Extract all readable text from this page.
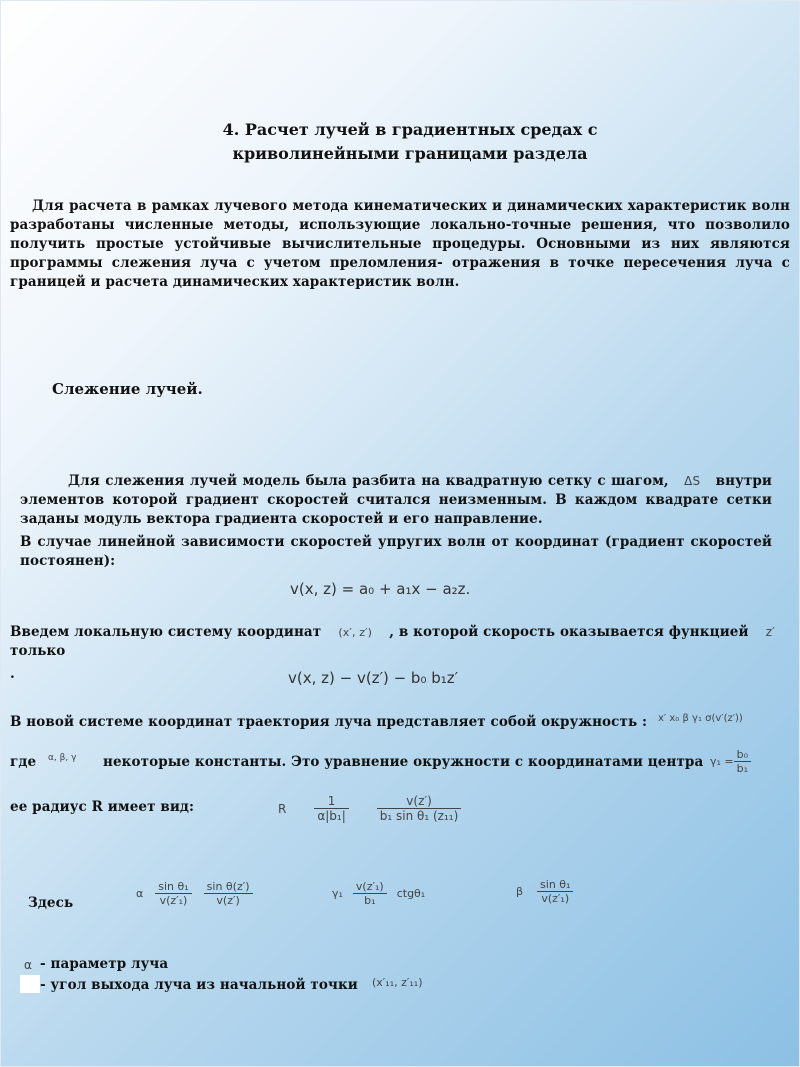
4. Расчет лучей в градиентных средах с
криволинейными границами раздела
Для расчета в рамках лучевого метода кинематических и динамических характеристик волн разработаны численные методы, использующие локально-точные решения, что позволило получить простые устойчивые вычислительные процедуры. Основными из них являются программы слежения луча с учетом преломления- отражения в точке пересечения луча с границей и расчета динамических характеристик волн.
Слежение лучей.
Для слежения лучей модель была разбита на квадратную сетку с шагом, ΔS внутри элементов которой градиент скоростей считался неизменным. В каждом квадрате сетки заданы модуль вектора градиента скоростей и его направление.
В случае линейной зависимости скоростей упругих волн от координат (градиент скоростей постоянен):
v(x, z) = a₀ + a₁x − a₂z.
Введем локальную систему координат (x′, z′) , в которой скорость оказывается функцией z′
только
.	v(x, z) − v(z′) − b₀ b₁z′
В новой системе координат траектория луча представляет собой окружность : x′ x₀ β γ₁ σ(v′(z′))
где α, β, γ некоторые константы. Это уравнение окружности с координатами центра $\gamma_1 = \frac{\text{b₀}}{\text{b₁}}$
ее радиус R имеет вид:	R $\frac{1}{\text{α|b₁|}} \frac{v(z')}{\text{b₁ sin θ₁ (z₁₁)}}$
Здесь
α $\frac{\text{sin θ₁}}{\text{v(z′₁)}} \frac{\text{sin θ(z′)}}{v(z')}$	$\gamma_1 \frac{\text{v(z′₁)}}{\text{b₁}} ctg\theta_1$	β $\frac{\text{sin θ₁}}{\text{v(z′₁)}}$
α - параметр луча
- угол выхода луча из начальной точки (x′₁₁, z′₁₁)
